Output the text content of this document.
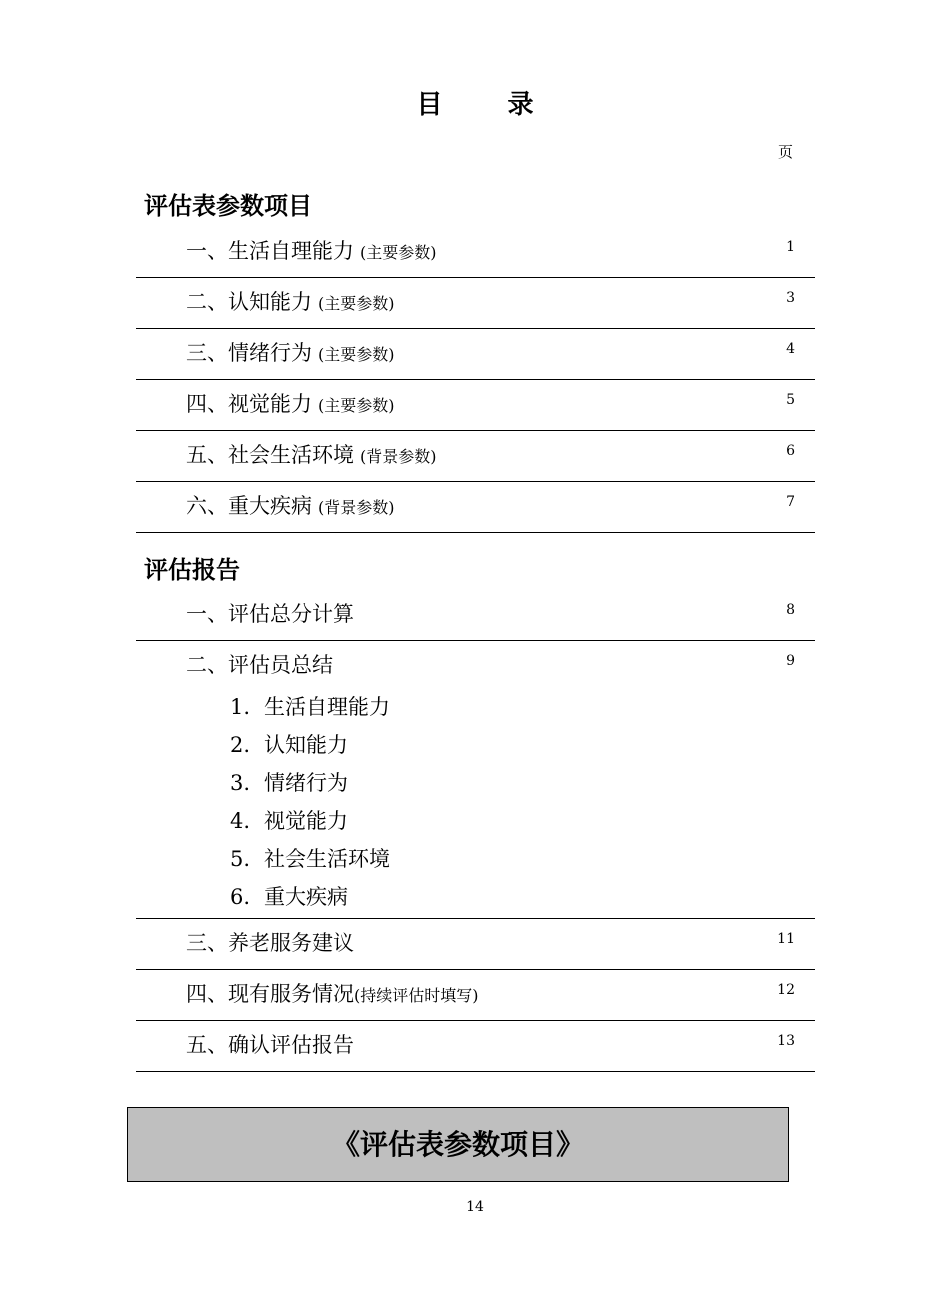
目 录
页
评估表参数项目
一、生活自理能力 (主要参数)	1
二、认知能力 (主要参数)	3
三、情绪行为 (主要参数)	4
四、视觉能力 (主要参数)	5
五、社会生活环境 (背景参数)	6
六、重大疾病 (背景参数)	7
评估报告
一、评估总分计算	8
二、评估员总结	9
1. 生活自理能力
2. 认知能力
3. 情绪行为
4. 视觉能力
5. 社会生活环境
6. 重大疾病
三、养老服务建议	11
四、现有服务情况(持续评估时填写)	12
五、确认评估报告	13
《评估表参数项目》
14
